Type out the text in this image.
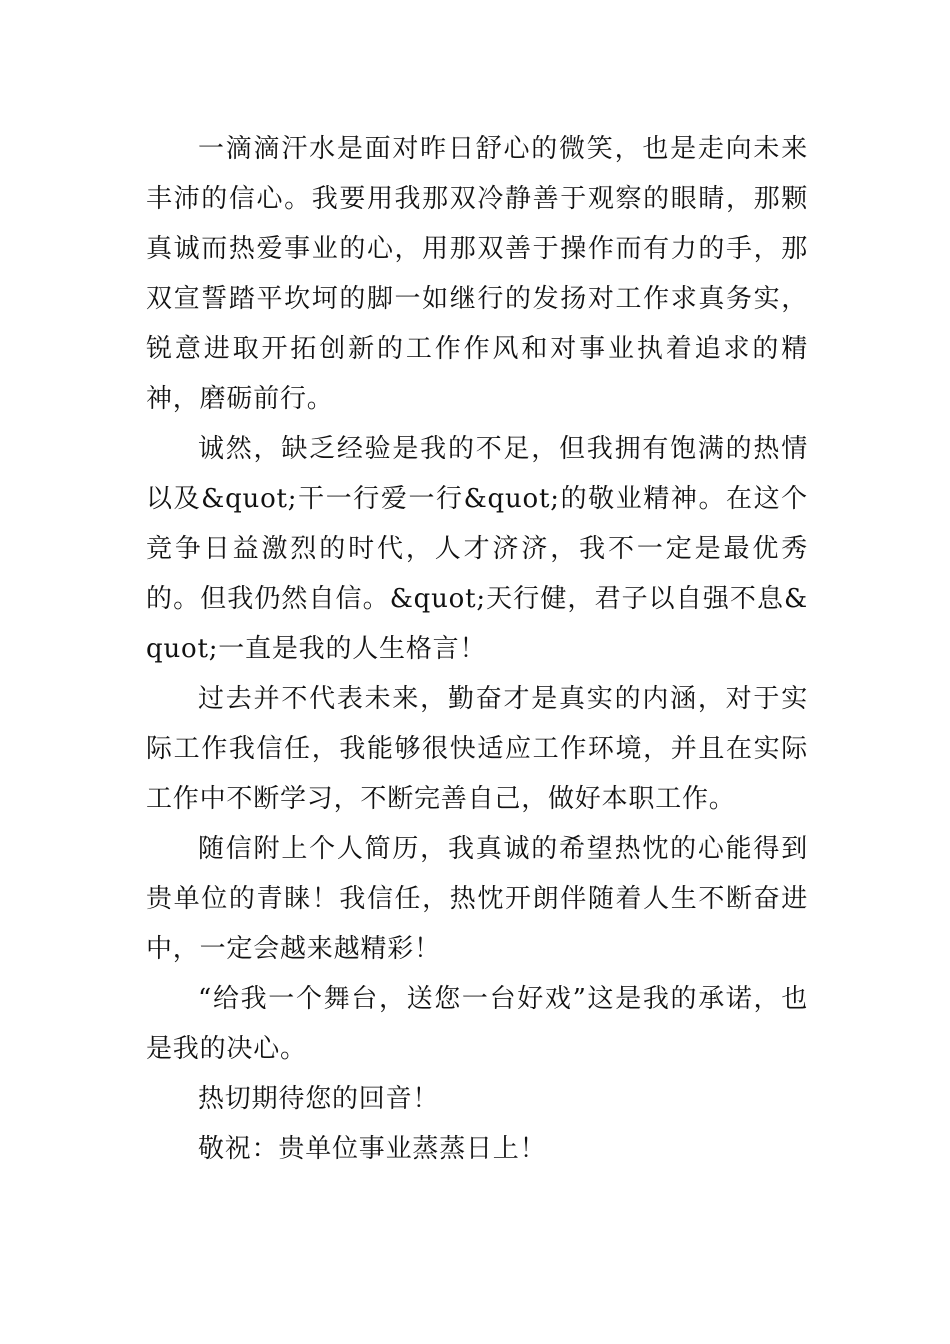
一滴滴汗水是面对昨日舒心的微笑，也是走向未来丰沛的信心。我要用我那双冷静善于观察的眼睛，那颗真诚而热爱事业的心，用那双善于操作而有力的手，那双宣誓踏平坎坷的脚一如继行的发扬对工作求真务实，锐意进取开拓创新的工作作风和对事业执着追求的精神，磨砺前行。

诚然，缺乏经验是我的不足，但我拥有饱满的热情以及&quot;干一行爱一行&quot;的敬业精神。在这个竞争日益激烈的时代，人才济济，我不一定是最优秀的。但我仍然自信。&quot;天行健，君子以自强不息&quot;一直是我的人生格言！

过去并不代表未来，勤奋才是真实的内涵，对于实际工作我信任，我能够很快适应工作环境，并且在实际工作中不断学习，不断完善自己，做好本职工作。

随信附上个人简历，我真诚的希望热忱的心能得到贵单位的青睐！我信任，热忱开朗伴随着人生不断奋进中，一定会越来越精彩！

“给我一个舞台，送您一台好戏”这是我的承诺，也是我的决心。

热切期待您的回音！

敬祝：贵单位事业蒸蒸日上！
